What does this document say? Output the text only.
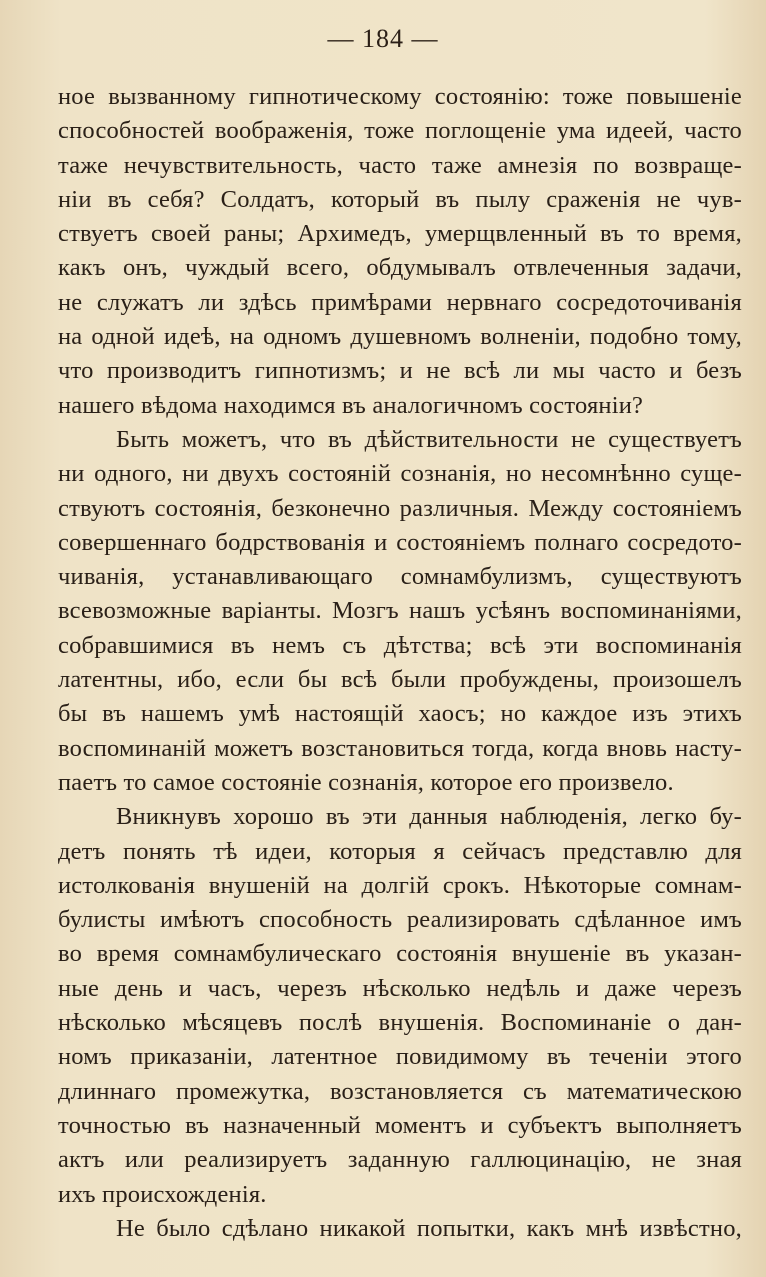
— 184 —
ное вызванному гипнотическому состоянію: тоже повышеніе
способностей воображенія, тоже поглощеніе ума идеей, часто
таже нечувствительность, часто таже амнезія по возвраще-
ніи въ себя? Солдатъ, который въ пылу сраженія не чув-
ствуетъ своей раны; Архимедъ, умерщвленный въ то время,
какъ онъ, чуждый всего, обдумывалъ отвлеченныя задачи,
не служатъ ли здѣсь примѣрами нервнаго сосредоточиванія
на одной идеѣ, на одномъ душевномъ волненіи, подобно тому,
что производитъ гипнотизмъ; и не всѣ ли мы часто и безъ
нашего вѣдома находимся въ аналогичномъ состояніи?
Быть можетъ, что въ дѣйствительности не существуетъ
ни одного, ни двухъ состояній сознанія, но несомнѣнно суще-
ствуютъ состоянія, безконечно различныя. Между состояніемъ
совершеннаго бодрствованія и состояніемъ полнаго сосредото-
чиванія, устанавливающаго сомнамбулизмъ, существуютъ
всевозможные варіанты. Мозгъ нашъ усѣянъ воспоминаніями,
собравшимися въ немъ съ дѣтства; всѣ эти воспоминанія
латентны, ибо, если бы всѣ были пробуждены, произошелъ
бы въ нашемъ умѣ настоящій хаосъ; но каждое изъ этихъ
воспоминаній можетъ возстановиться тогда, когда вновь насту-
паетъ то самое состояніе сознанія, которое его произвело.
Вникнувъ хорошо въ эти данныя наблюденія, легко бу-
детъ понять тѣ идеи, которыя я сейчасъ представлю для
истолкованія внушеній на долгій срокъ. Нѣкоторые сомнам-
булисты имѣютъ способность реализировать сдѣланное имъ
во время сомнамбулическаго состоянія внушеніе въ указан-
ные день и часъ, черезъ нѣсколько недѣль и даже черезъ
нѣсколько мѣсяцевъ послѣ внушенія. Воспоминаніе о дан-
номъ приказаніи, латентное повидимому въ теченіи этого
длиннаго промежутка, возстановляется съ математическою
точностью въ назначенный моментъ и субъектъ выполняетъ
актъ или реализируетъ заданную галлюцинацію, не зная
ихъ происхожденія.
Не было сдѣлано никакой попытки, какъ мнѣ извѣстно,
